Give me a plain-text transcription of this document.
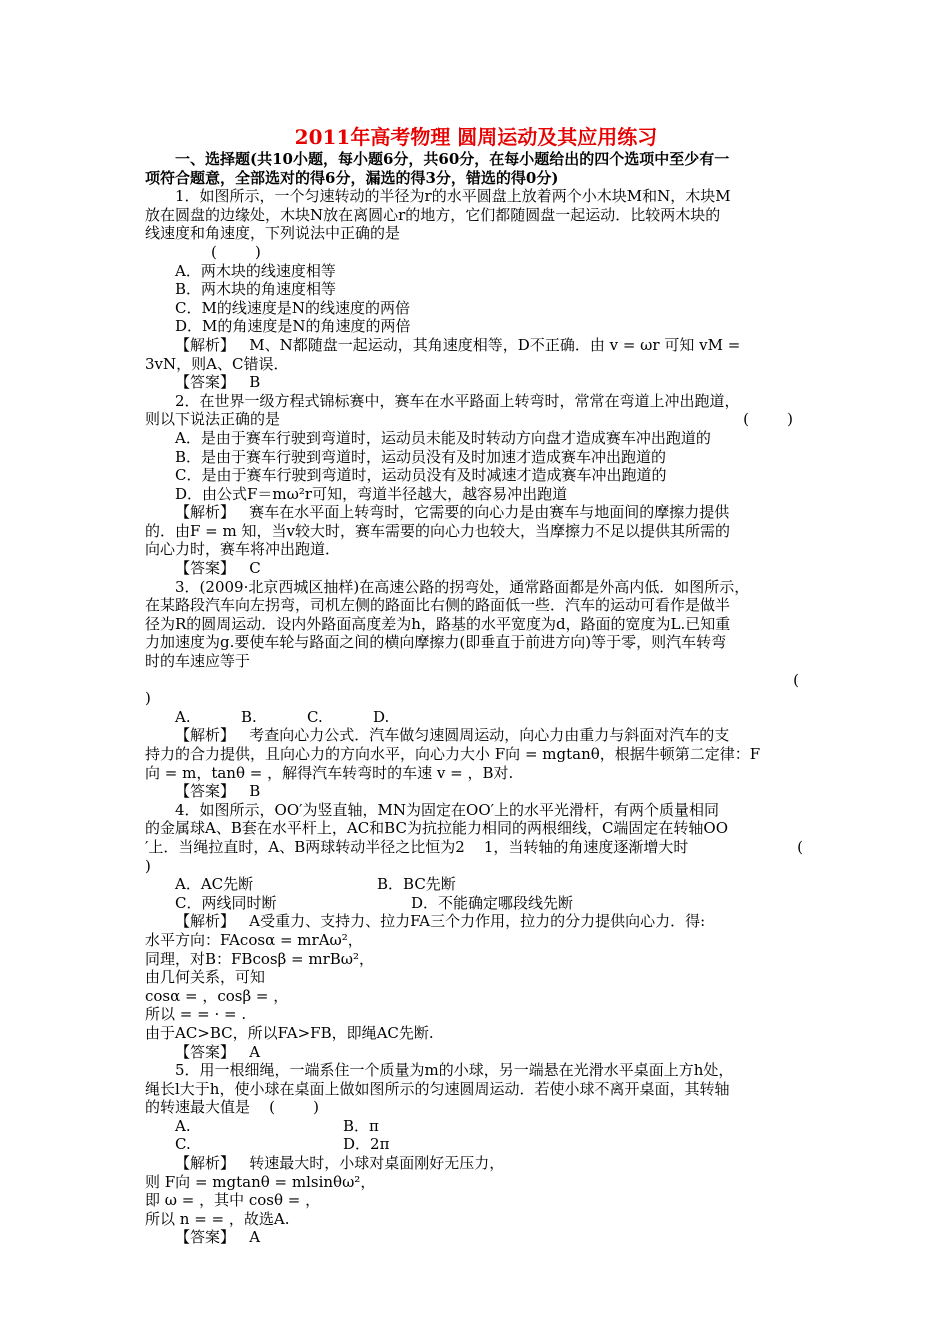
2011年高考物理 圆周运动及其应用练习
一、选择题(共10小题，每小题6分，共60分，在每小题给出的四个选项中至少有一
项符合题意，全部选对的得6分，漏选的得3分，错选的得0分)
1．如图所示，一个匀速转动的半径为r的水平圆盘上放着两个小木块M和N，木块M
放在圆盘的边缘处，木块N放在离圆心r的地方，它们都随圆盘一起运动．比较两木块的
线速度和角速度，下列说法中正确的是
(        )
A．两木块的线速度相等
B．两木块的角速度相等
C．M的线速度是N的线速度的两倍
D．M的角速度是N的角速度的两倍
【解析】   M、N都随盘一起运动，其角速度相等，D不正确．由 v = ωr 可知 vM =
3vN，则A、C错误．
【答案】   B
2．在世界一级方程式锦标赛中，赛车在水平路面上转弯时，常常在弯道上冲出跑道，
则以下说法正确的是	(        )
A．是由于赛车行驶到弯道时，运动员未能及时转动方向盘才造成赛车冲出跑道的
B．是由于赛车行驶到弯道时，运动员没有及时加速才造成赛车冲出跑道的
C．是由于赛车行驶到弯道时，运动员没有及时减速才造成赛车冲出跑道的
D．由公式F＝mω²r可知，弯道半径越大，越容易冲出跑道
【解析】   赛车在水平面上转弯时，它需要的向心力是由赛车与地面间的摩擦力提供
的．由F = m 知，当v较大时，赛车需要的向心力也较大，当摩擦力不足以提供其所需的
向心力时，赛车将冲出跑道．
【答案】   C
3．(2009·北京西城区抽样)在高速公路的拐弯处，通常路面都是外高内低．如图所示，
在某路段汽车向左拐弯，司机左侧的路面比右侧的路面低一些．汽车的运动可看作是做半
径为R的圆周运动．设内外路面高度差为h，路基的水平宽度为d，路面的宽度为L.已知重
力加速度为g.要使车轮与路面之间的横向摩擦力(即垂直于前进方向)等于零，则汽车转弯
时的车速应等于
(
)
A.	B.	C.	D.
【解析】   考查向心力公式．汽车做匀速圆周运动，向心力由重力与斜面对汽车的支
持力的合力提供，且向心力的方向水平，向心力大小 F向 = mgtanθ，根据牛顿第二定律：F
向 = m，tanθ = ，解得汽车转弯时的车速 v = ，B对.
【答案】   B
4．如图所示，OO′为竖直轴，MN为固定在OO′上的水平光滑杆，有两个质量相同
的金属球A、B套在水平杆上，AC和BC为抗拉能力相同的两根细线，C端固定在转轴OO
′上．当绳拉直时，A、B两球转动半径之比恒为2    1，当转轴的角速度逐渐增大时	(
)
A．AC先断	B．BC先断
C．两线同时断	D．不能确定哪段线先断
【解析】   A受重力、支持力、拉力FA三个力作用，拉力的分力提供向心力．得:
水平方向：FAcosα = mrAω²，
同理，对B：FBcosβ = mrBω²，
由几何关系，可知
cosα = ，cosβ = ，
所以 = = · = .
由于AC>BC，所以FA>FB，即绳AC先断.
【答案】   A
5．用一根细绳，一端系住一个质量为m的小球，另一端悬在光滑水平桌面上方h处，
绳长l大于h，使小球在桌面上做如图所示的匀速圆周运动．若使小球不离开桌面，其转轴
的转速最大值是    (        )
A.	B．π
C.	D．2π
【解析】   转速最大时，小球对桌面刚好无压力，
则 F向 = mgtanθ = mlsinθω²，
即 ω = ，其中 cosθ = ，
所以 n = = ，故选A.
【答案】   A
